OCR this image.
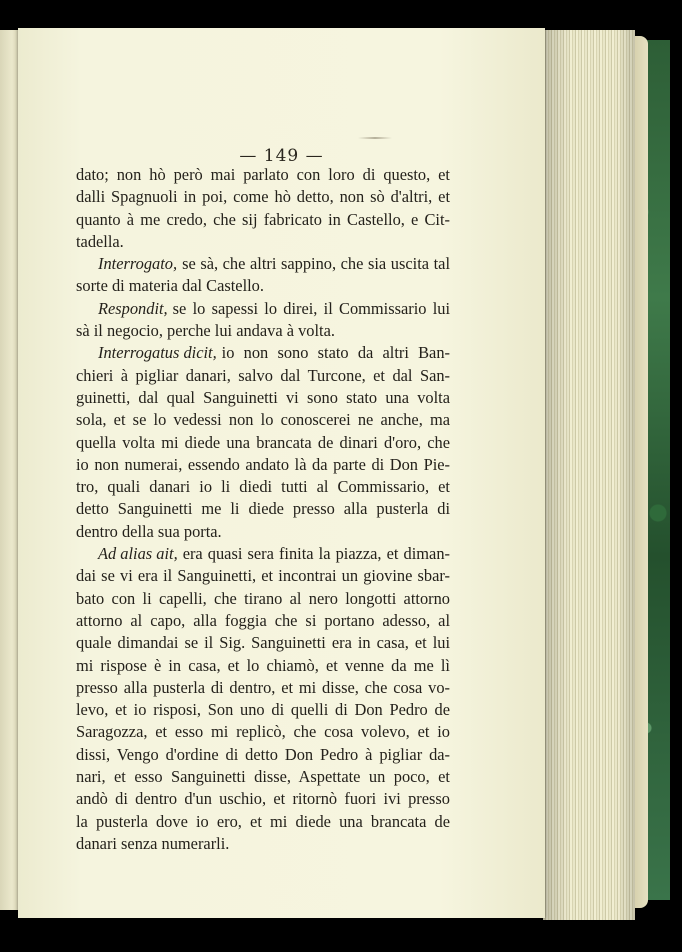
— 149 —
dato; non hò però mai parlato con loro di questo, et
dalli Spagnuoli in poi, come hò detto, non sò d'altri, et
quanto à me credo, che sij fabricato in Castello, e Cit-
tadella.
Interrogato, se sà, che altri sappino, che sia uscita tal
sorte di materia dal Castello.
Respondit, se lo sapessi lo direi, il Commissario lui
sà il negocio, perche lui andava à volta.
Interrogatus dicit, io non sono stato da altri Ban-
chieri à pigliar danari, salvo dal Turcone, et dal San-
guinetti, dal qual Sanguinetti vi sono stato una volta
sola, et se lo vedessi non lo conoscerei ne anche, ma
quella volta mi diede una brancata de dinari d'oro, che
io non numerai, essendo andato là da parte di Don Pie-
tro, quali danari io li diedi tutti al Commissario, et
detto Sanguinetti me li diede presso alla pusterla di
dentro della sua porta.
Ad alias ait, era quasi sera finita la piazza, et diman-
dai se vi era il Sanguinetti, et incontrai un giovine sbar-
bato con li capelli, che tirano al nero longotti attorno
attorno al capo, alla foggia che si portano adesso, al
quale dimandai se il Sig. Sanguinetti era in casa, et lui
mi rispose è in casa, et lo chiamò, et venne da me lì
presso alla pusterla di dentro, et mi disse, che cosa vo-
levo, et io risposi, Son uno di quelli di Don Pedro de
Saragozza, et esso mi replicò, che cosa volevo, et io
dissi, Vengo d'ordine di detto Don Pedro à pigliar da-
nari, et esso Sanguinetti disse, Aspettate un poco, et
andò di dentro d'un uschio, et ritornò fuori ivi presso
la pusterla dove io ero, et mi diede una brancata de
danari senza numerarli.
